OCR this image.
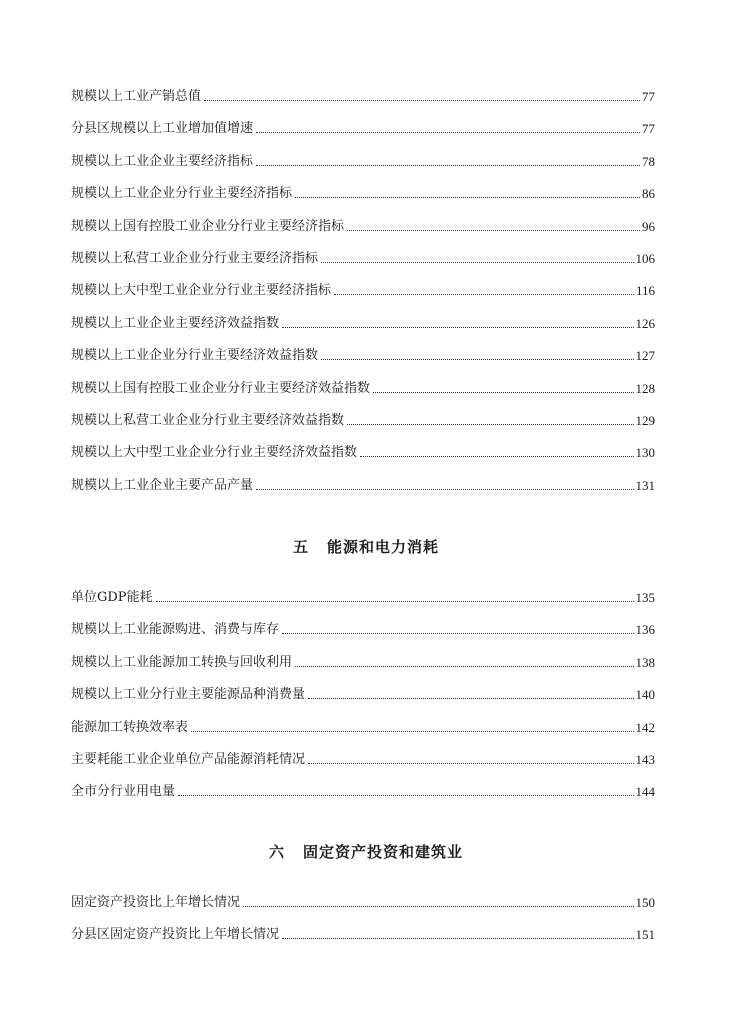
规模以上工业产销总值	77
分县区规模以上工业增加值增速	77
规模以上工业企业主要经济指标	78
规模以上工业企业分行业主要经济指标	86
规模以上国有控股工业企业分行业主要经济指标	96
规模以上私营工业企业分行业主要经济指标	106
规模以上大中型工业企业分行业主要经济指标	116
规模以上工业企业主要经济效益指数	126
规模以上工业企业分行业主要经济效益指数	127
规模以上国有控股工业企业分行业主要经济效益指数	128
规模以上私营工业企业分行业主要经济效益指数	129
规模以上大中型工业企业分行业主要经济效益指数	130
规模以上工业企业主要产品产量	131
单位GDP能耗	135
规模以上工业能源购进、消费与库存	136
规模以上工业能源加工转换与回收利用	138
规模以上工业分行业主要能源品种消费量	140
能源加工转换效率表	142
主要耗能工业企业单位产品能源消耗情况	143
全市分行业用电量	144
固定资产投资比上年增长情况	150
分县区固定资产投资比上年增长情况	151
五 能源和电力消耗
六 固定资产投资和建筑业
